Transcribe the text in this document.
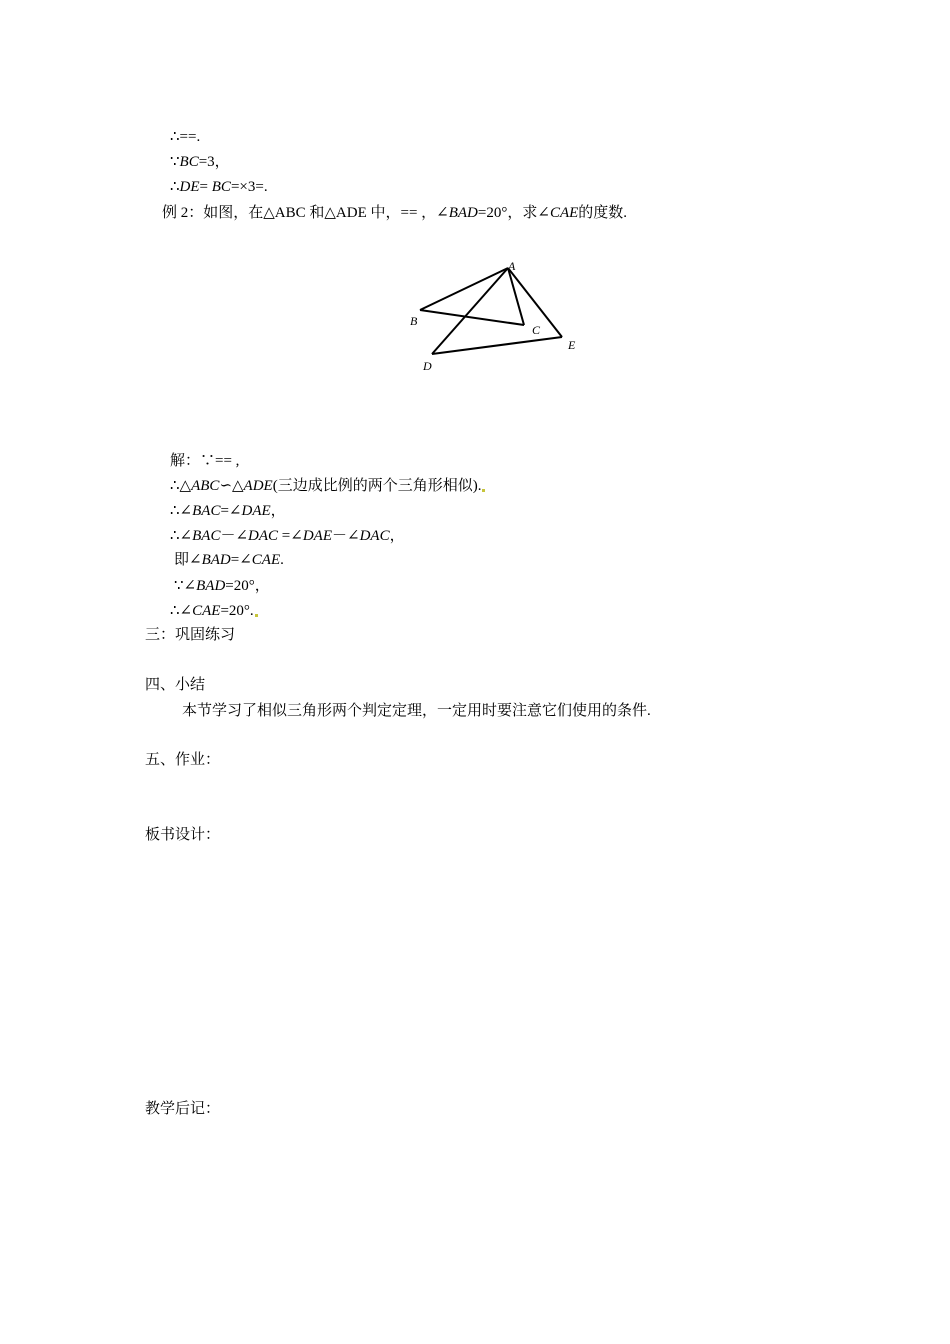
∴==.
∵BC=3，
∴DE= BC=×3=.
例 2：如图，在△ABC 和△ADE 中，== ，∠BAD=20°，求∠CAE的度数.
A
B
C
D
E
解：∵== ,
∴△ABC∽△ADE(三边成比例的两个三角形相似).
∴∠BAC=∠DAE，
∴∠BAC－∠DAC =∠DAE－∠DAC，
即∠BAD=∠CAE.
∵∠BAD=20°，
∴∠CAE=20°.
三：巩固练习
四、小结
本节学习了相似三角形两个判定定理，一定用时要注意它们使用的条件.
五、作业：
板书设计：
教学后记：
